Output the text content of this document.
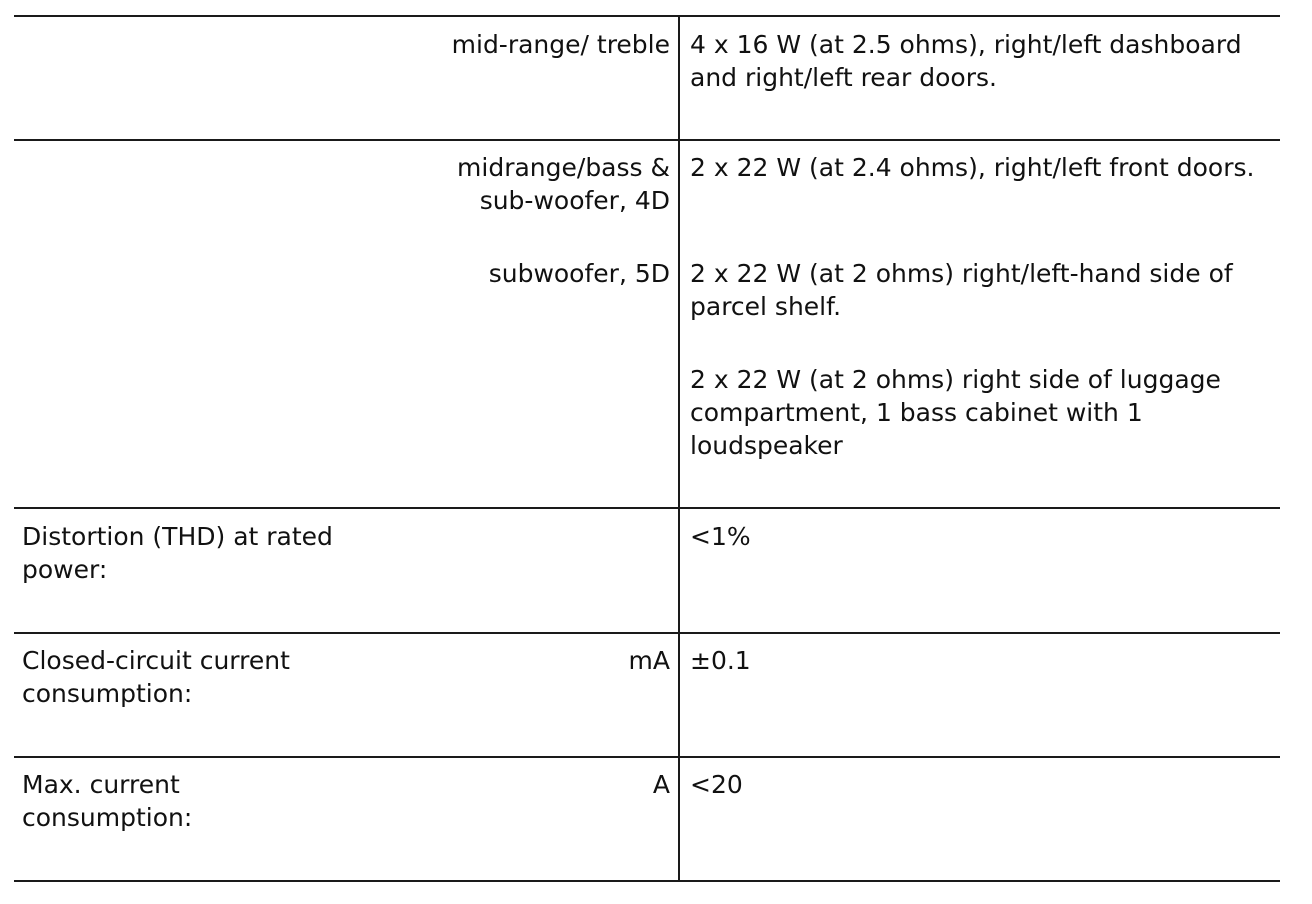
mid-range/ treble 4 x 16 W (at 2.5 ohms), right/left dashboard and right/left rear doors.
midrange/bass &
sub-woofer, 4D
subwoofer, 5D
2 x 22 W (at 2.4 ohms), right/left front doors.
2 x 22 W (at 2 ohms) right/left-hand side of parcel shelf.
2 x 22 W (at 2 ohms) right side of luggage compartment, 1 bass cabinet with 1 loudspeaker
Distortion (THD) at rated
power:
<1%
Closed-circuit current
consumption:
mA ±0.1
Max. current
consumption:
A <20
